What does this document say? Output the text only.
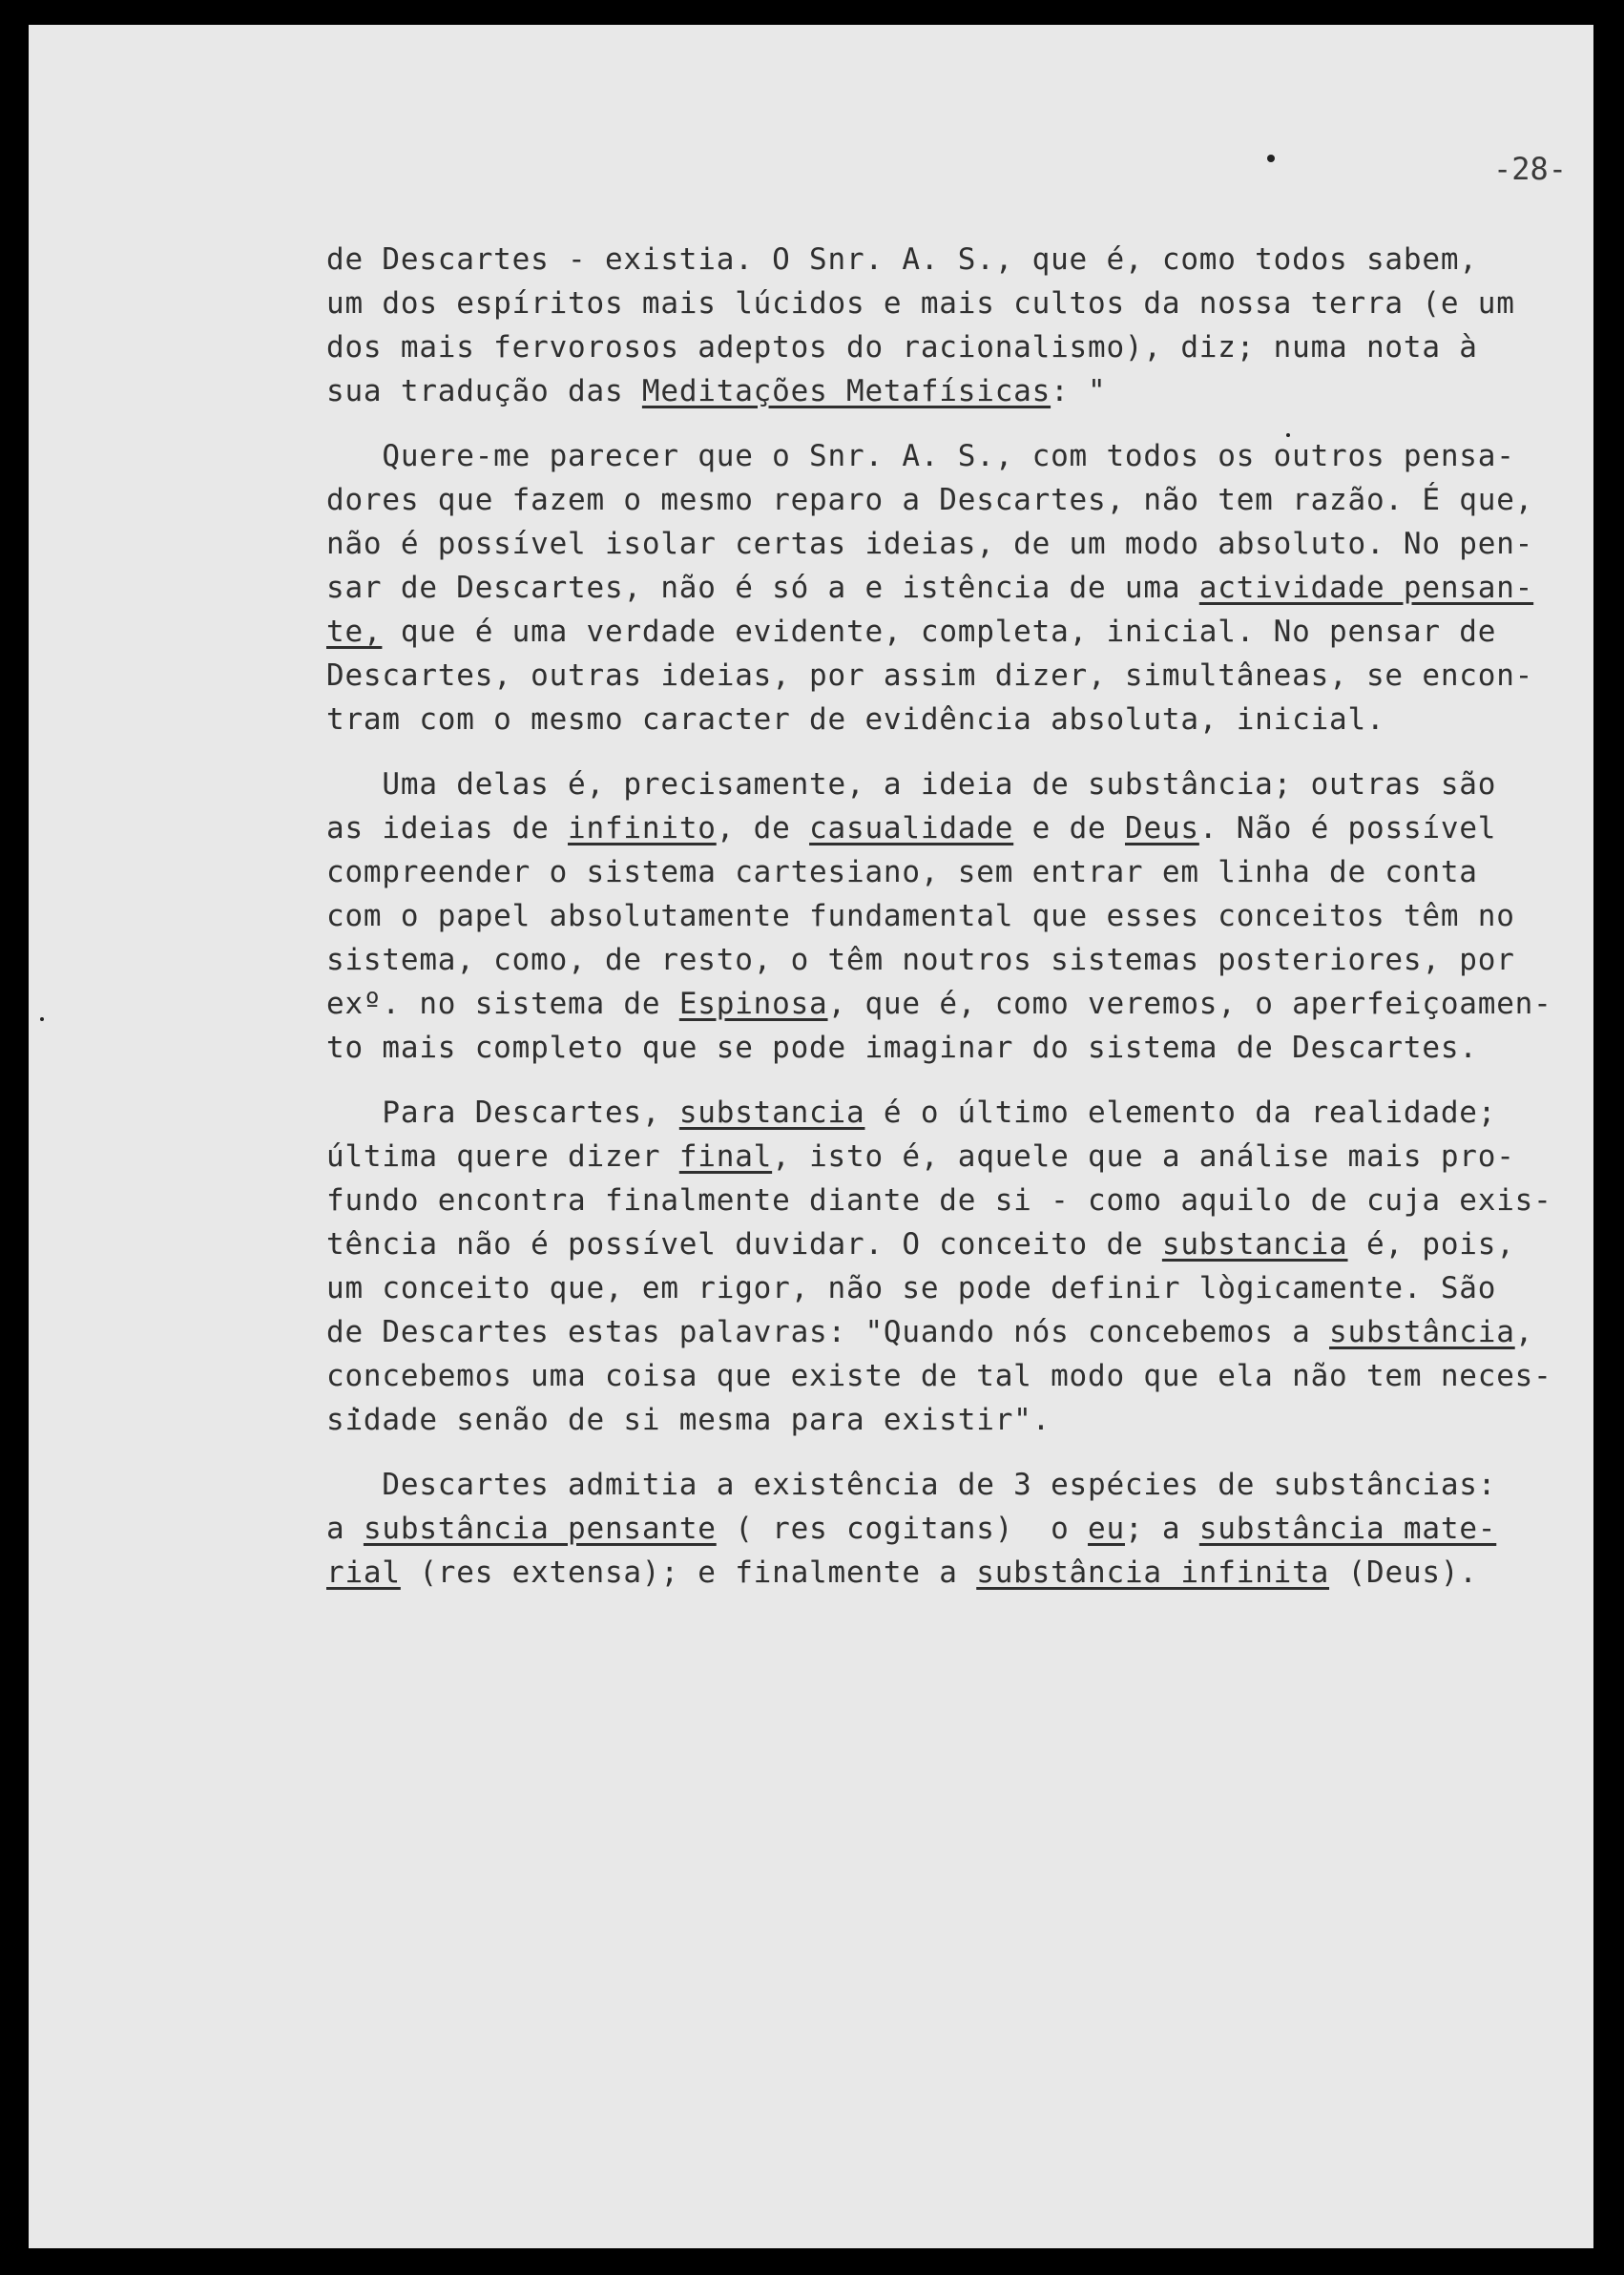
-28-
de Descartes - existia. O Snr. A. S., que é, como todos sabem,
um dos espíritos mais lúcidos e mais cultos da nossa terra (e um
dos mais fervorosos adeptos do racionalismo), diz; numa nota à
sua tradução das Meditações Metafísicas: "
Quere-me parecer que o Snr. A. S., com todos os outros pensa-
dores que fazem o mesmo reparo a Descartes, não tem razão. É que,
não é possível isolar certas ideias, de um modo absoluto. No pen-
sar de Descartes, não é só a e istência de uma actividade pensan-
te, que é uma verdade evidente, completa, inicial. No pensar de
Descartes, outras ideias, por assim dizer, simultâneas, se encon-
tram com o mesmo caracter de evidência absoluta, inicial.
Uma delas é, precisamente, a ideia de substância; outras são
as ideias de infinito, de casualidade e de Deus. Não é possível
compreender o sistema cartesiano, sem entrar em linha de conta
com o papel absolutamente fundamental que esses conceitos têm no
sistema, como, de resto, o têm noutros sistemas posteriores, por
exº. no sistema de Espinosa, que é, como veremos, o aperfeiçoamen-
to mais completo que se pode imaginar do sistema de Descartes.
Para Descartes, substancia é o último elemento da realidade;
última quere dizer final, isto é, aquele que a análise mais pro-
fundo encontra finalmente diante de si - como aquilo de cuja exis-
tência não é possível duvidar. O conceito de substancia é, pois,
um conceito que, em rigor, não se pode definir lògicamente. São
de Descartes estas palavras: "Quando nós concebemos a substância,
concebemos uma coisa que existe de tal modo que ela não tem neces-
sidade senão de si mesma para existir".
Descartes admitia a existência de 3 espécies de substâncias:
a substância pensante ( res cogitans)  o eu; a substância mate-
rial (res extensa); e finalmente a substância infinita (Deus).
